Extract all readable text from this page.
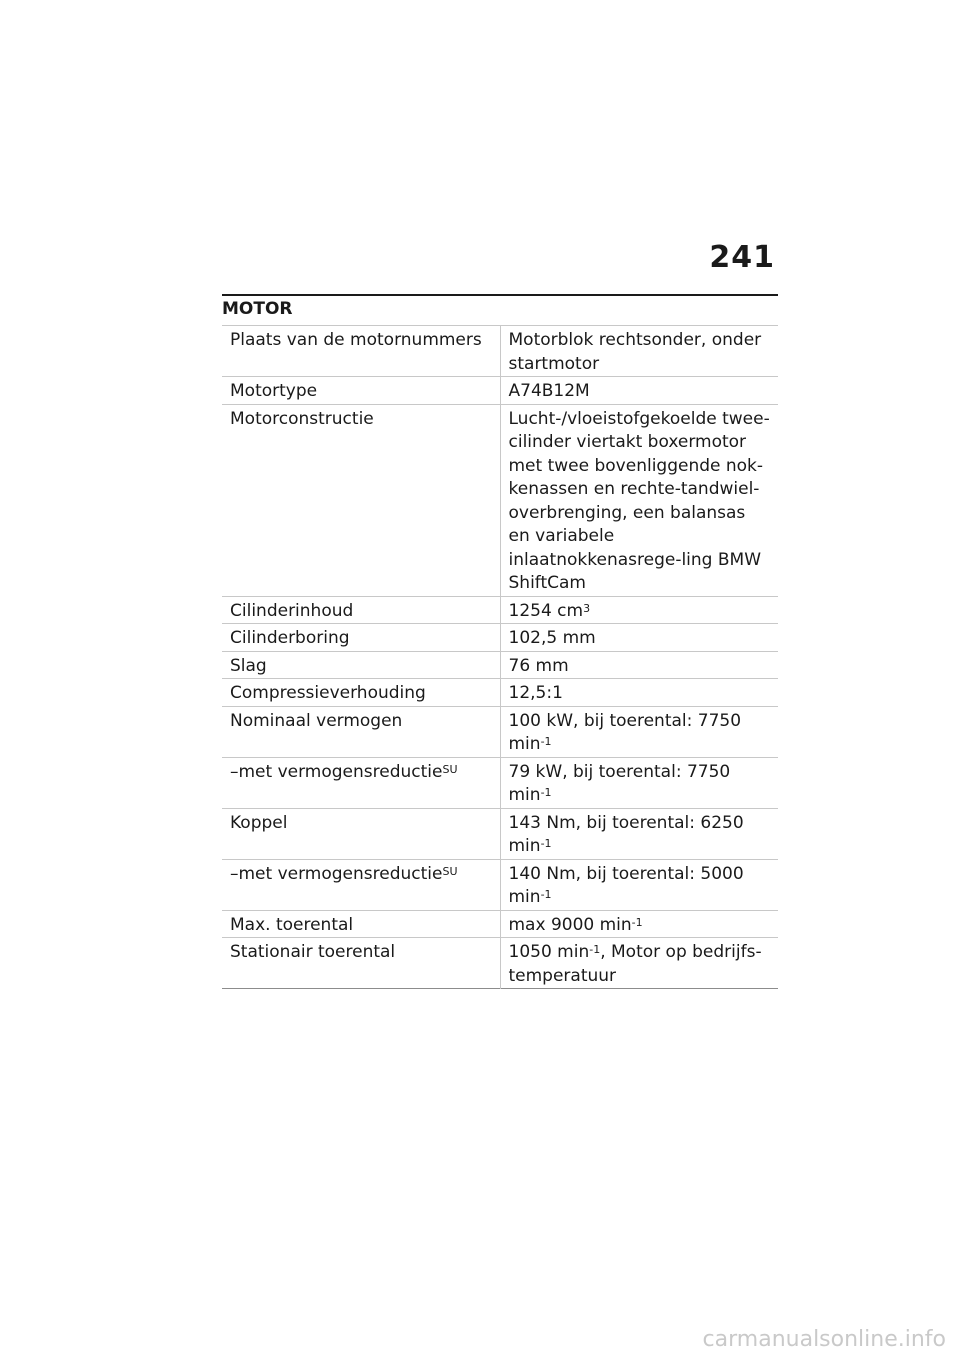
241
MOTOR
Plaats van de motornummers	Motorblok rechtsonder, onder startmotor
Motortype	A74B12M
Motorconstructie	Lucht-/vloeistofgekoelde twee-cilinder viertakt boxermotor met twee bovenliggende nok-kenassen en rechte-tandwiel-overbrenging, een balansas en variabele inlaatnokkenasrege-ling BMW ShiftCam
Cilinderinhoud	1254 $cm^3$
Cilinderboring	102,5 mm
Slag	76 mm
Compressieverhouding	12,5:1
Nominaal vermogen	100 kW, bij toerental: 7750 $\min^{-1}$
–met vermogensreductie$^{SU}$	79 kW, bij toerental: 7750 $\min^{-1}$
Koppel	143 Nm, bij toerental: 6250 $\min^{-1}$
–met vermogensreductie$^{SU}$	140 Nm, bij toerental: 5000 $\min^{-1}$
Max. toerental	max 9000 $\min^{-1}$
Stationair toerental	1050 $\min^{-1}$, Motor op bedrijfs-temperatuur
carmanualsonline.info
